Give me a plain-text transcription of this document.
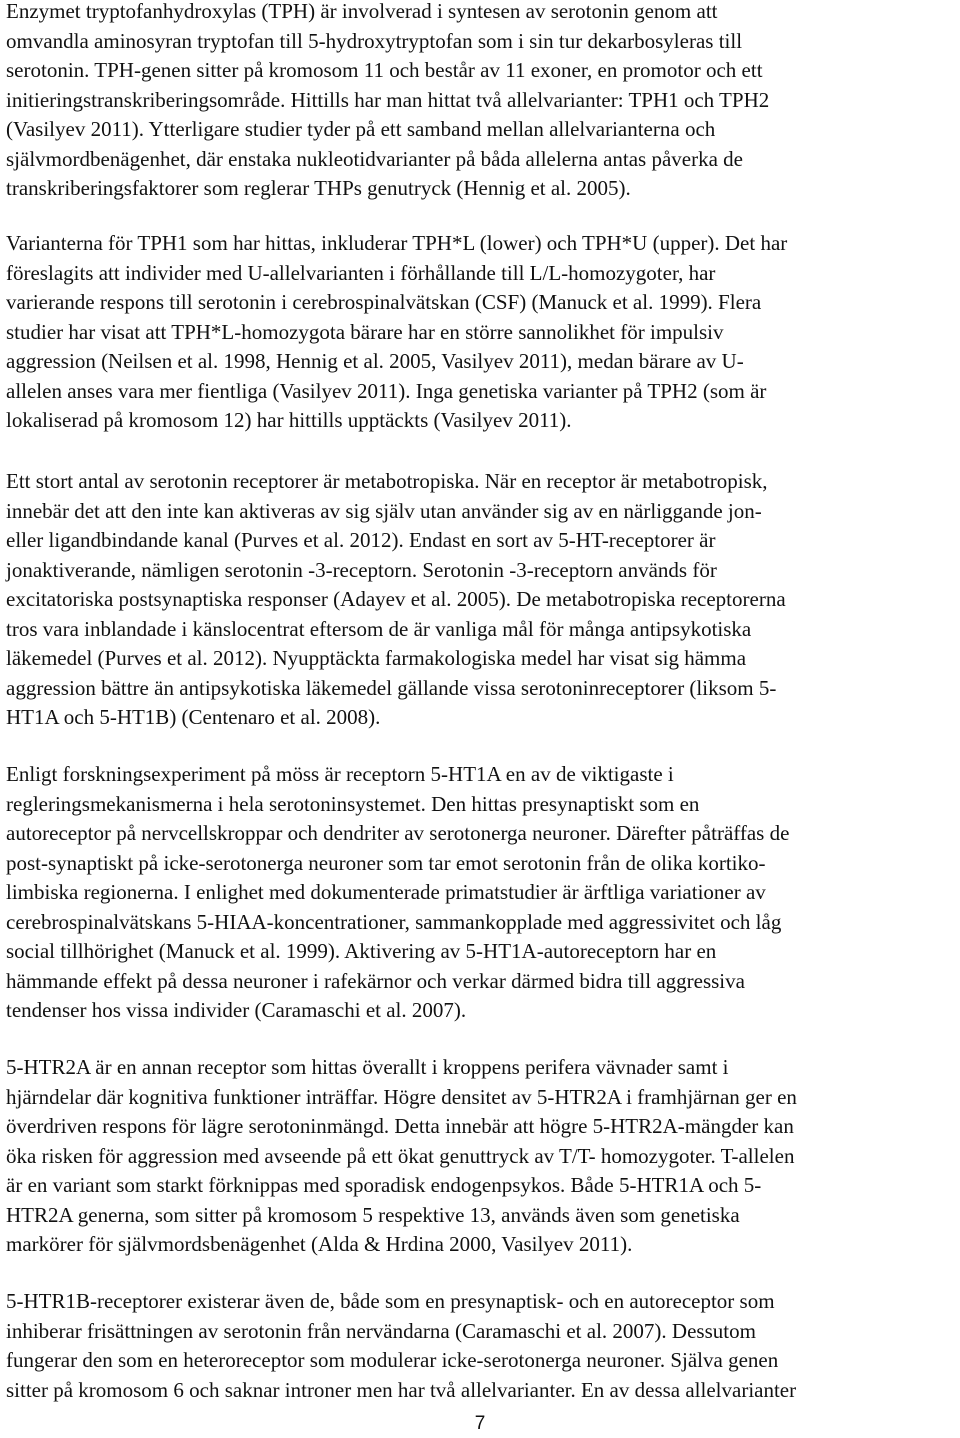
Enzymet tryptofanhydroxylas (TPH) är involverad i syntesen av serotonin genom att
omvandla aminosyran tryptofan till 5-hydroxytryptofan som i sin tur dekarbosyleras till
serotonin. TPH-genen sitter på kromosom 11 och består av 11 exoner, en promotor och ett
initieringstranskriberingsområde. Hittills har man hittat två allelvarianter: TPH1 och TPH2
(Vasilyev 2011). Ytterligare studier tyder på ett samband mellan allelvarianterna och
självmordbenägenhet, där enstaka nukleotidvarianter på båda allelerna antas påverka de
transkriberingsfaktorer som reglerar THPs genutryck (Hennig et al. 2005).
Varianterna för TPH1 som har hittas, inkluderar TPH*L (lower) och TPH*U (upper). Det har
föreslagits att individer med U-allelvarianten i förhållande till L/L-homozygoter, har
varierande respons till serotonin i cerebrospinalvätskan (CSF) (Manuck et al. 1999). Flera
studier har visat att TPH*L-homozygota bärare har en större sannolikhet för impulsiv
aggression (Neilsen et al. 1998, Hennig et al. 2005, Vasilyev 2011), medan bärare av U-
allelen anses vara mer fientliga (Vasilyev 2011). Inga genetiska varianter på TPH2 (som är
lokaliserad på kromosom 12) har hittills upptäckts (Vasilyev 2011).
Ett stort antal av serotonin receptorer är metabotropiska. När en receptor är metabotropisk,
innebär det att den inte kan aktiveras av sig själv utan använder sig av en närliggande jon-
eller ligandbindande kanal (Purves et al. 2012). Endast en sort av 5-HT-receptorer är
jonaktiverande, nämligen serotonin -3-receptorn. Serotonin -3-receptorn används för
excitatoriska postsynaptiska responser (Adayev et al. 2005). De metabotropiska receptorerna
tros vara inblandade i känslocentrat eftersom de är vanliga mål för många antipsykotiska
läkemedel (Purves et al. 2012). Nyupptäckta farmakologiska medel har visat sig hämma
aggression bättre än antipsykotiska läkemedel gällande vissa serotoninreceptorer (liksom 5-
HT1A och 5-HT1B) (Centenaro et al. 2008).
Enligt forskningsexperiment på möss är receptorn 5-HT1A en av de viktigaste i
regleringsmekanismerna i hela serotoninsystemet. Den hittas presynaptiskt som en
autoreceptor på nervcellskroppar och dendriter av serotonerga neuroner. Därefter påträffas de
post-synaptiskt på icke-serotonerga neuroner som tar emot serotonin från de olika kortiko-
limbiska regionerna. I enlighet med dokumenterade primatstudier är ärftliga variationer av
cerebrospinalvätskans 5-HIAA-koncentrationer, sammankopplade med aggressivitet och låg
social tillhörighet (Manuck et al. 1999). Aktivering av 5-HT1A-autoreceptorn har en
hämmande effekt på dessa neuroner i rafekärnor och verkar därmed bidra till aggressiva
tendenser hos vissa individer (Caramaschi et al. 2007).
5-HTR2A är en annan receptor som hittas överallt i kroppens perifera vävnader samt i
hjärndelar där kognitiva funktioner inträffar. Högre densitet av 5-HTR2A i framhjärnan ger en
överdriven respons för lägre serotoninmängd. Detta innebär att högre 5-HTR2A-mängder kan
öka risken för aggression med avseende på ett ökat genuttryck av T/T- homozygoter. T-allelen
är en variant som starkt förknippas med sporadisk endogenpsykos. Både 5-HTR1A och 5-
HTR2A generna, som sitter på kromosom 5 respektive 13, används även som genetiska
markörer för självmordsbenägenhet (Alda & Hrdina 2000, Vasilyev 2011).
5-HTR1B-receptorer existerar även de, både som en presynaptisk- och en autoreceptor som
inhiberar frisättningen av serotonin från nervändarna (Caramaschi et al. 2007). Dessutom
fungerar den som en heteroreceptor som modulerar icke-serotonerga neuroner. Själva genen
sitter på kromosom 6 och saknar introner men har två allelvarianter. En av dessa allelvarianter
7
